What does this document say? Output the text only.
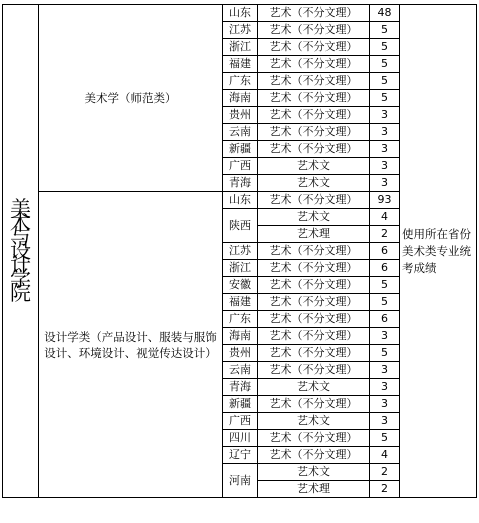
美术与设计学院	美术学（师范类）	山东	艺术（不分文理）	48	使用所在省份美术类专业统考成绩
		江苏	艺术（不分文理）	5	
		浙江	艺术（不分文理）	5	
		福建	艺术（不分文理）	5	
		广东	艺术（不分文理）	5	
		海南	艺术（不分文理）	5	
		贵州	艺术（不分文理）	3	
		云南	艺术（不分文理）	3	
		新疆	艺术（不分文理）	3	
		广西	艺术文	3	
		青海	艺术文	3	
	设计学类（产品设计、服装与服饰设计、环境设计、视觉传达设计）	山东	艺术（不分文理）	93	
		陕西	艺术文	4	
			艺术理	2	
		江苏	艺术（不分文理）	6	
		浙江	艺术（不分文理）	6	
		安徽	艺术（不分文理）	5	
		福建	艺术（不分文理）	5	
		广东	艺术（不分文理）	6	
		海南	艺术（不分文理）	3	
		贵州	艺术（不分文理）	5	
		云南	艺术（不分文理）	3	
		青海	艺术文	3	
		新疆	艺术（不分文理）	3	
		广西	艺术文	3	
		四川	艺术（不分文理）	5	
		辽宁	艺术（不分文理）	4	
		河南	艺术文	2	
			艺术理	2	
